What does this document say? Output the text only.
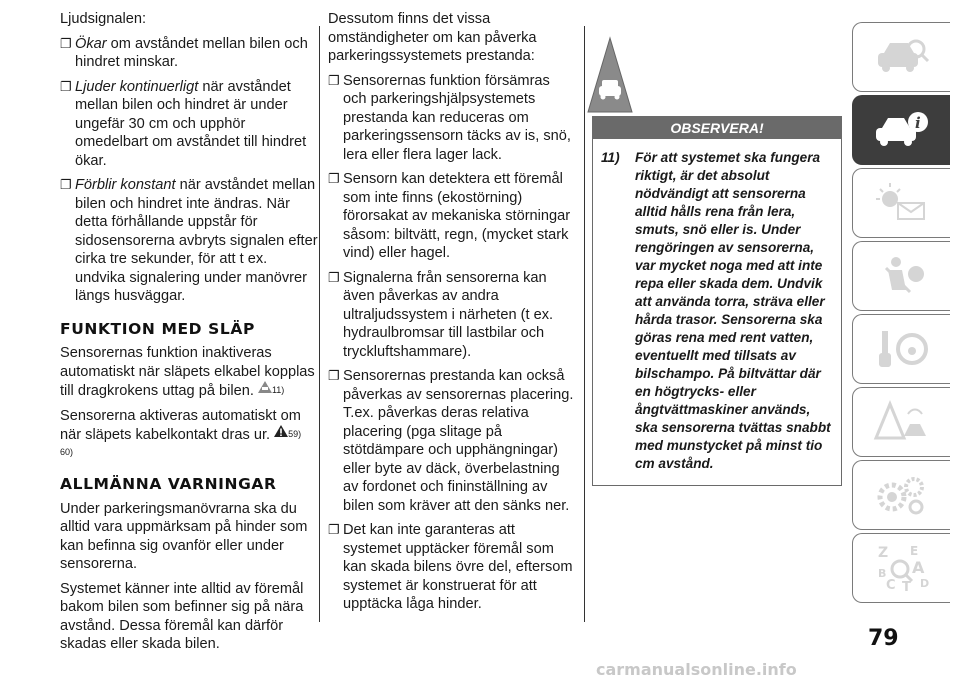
Ljudsignalen:

❐ Ökar om avståndet mellan bilen och hindret minskar.
❐ Ljuder kontinuerligt när avståndet mellan bilen och hindret är under ungefär 30 cm och upphör omedelbart om avståndet till hindret ökar.
❐ Förblir konstant när avståndet mellan bilen och hindret inte ändras. När detta förhållande uppstår för sidosensorerna avbryts signalen efter cirka tre sekunder, för att t ex. undvika signalering under manövrer längs husväggar.
FUNKTION MED SLÄP

Sensorernas funktion inaktiveras automatiskt när släpets elkabel kopplas till dragkrokens uttag på bilen. $^{11)}$

Sensorerna aktiveras automatiskt om när släpets kabelkontakt dras ur. $^{59)}$
60)

ALLMÄNNA VARNINGAR

Under parkeringsmanövrarna ska du alltid vara uppmärksam på hinder som kan befinna sig ovanför eller under sensorerna.

Systemet känner inte alltid av föremål bakom bilen som befinner sig på nära avstånd. Dessa föremål kan därför skadas eller skada bilen.

Dessutom finns det vissa omständigheter om kan påverka parkeringssystemets prestanda:

❐ Sensorernas funktion försämras och parkeringshjälpsystemets prestanda kan reduceras om parkeringssensorn täcks av is, snö, lera eller flera lager lack.
❐ Sensorn kan detektera ett föremål som inte finns (ekostörning) förorsakat av mekaniska störningar såsom: biltvätt, regn, (mycket stark vind) eller hagel.
❐ Signalerna från sensorerna kan även påverkas av andra ultraljudssystem i närheten (t ex. hydraulbromsar till lastbilar och tryckluftshammare).
❐ Sensorernas prestanda kan också påverkas av sensorernas placering. T.ex. påverkas deras relativa placering (pga slitage på stötdämpare och upphängningar) eller byte av däck, överbelastning av fordonet och fininställning av bilen som kräver att den sänks ner.
❐ Det kan inte garanteras att systemet upptäcker föremål som kan skada bilens övre del, eftersom systemet är konstruerat för att upptäcka låga hinder.
OBSERVERA!
11)	För att systemet ska fungera riktigt, är det absolut nödvändigt att sensorerna alltid hålls rena från lera, smuts, snö eller is. Under rengöringen av sensorerna, var mycket noga med att inte repa eller skada dem. Undvik att använda torra, sträva eller hårda trasor. Sensorerna ska göras rena med rent vatten, eventuellt med tillsats av bilschampo. På biltvättar där en högtrycks- eller ångtvättmaskiner används, ska sensorerna tvättas snabbt med munstycket på minst tio cm avstånd.
i
Z E
B A
C T D
79
carmanualsonline.info
